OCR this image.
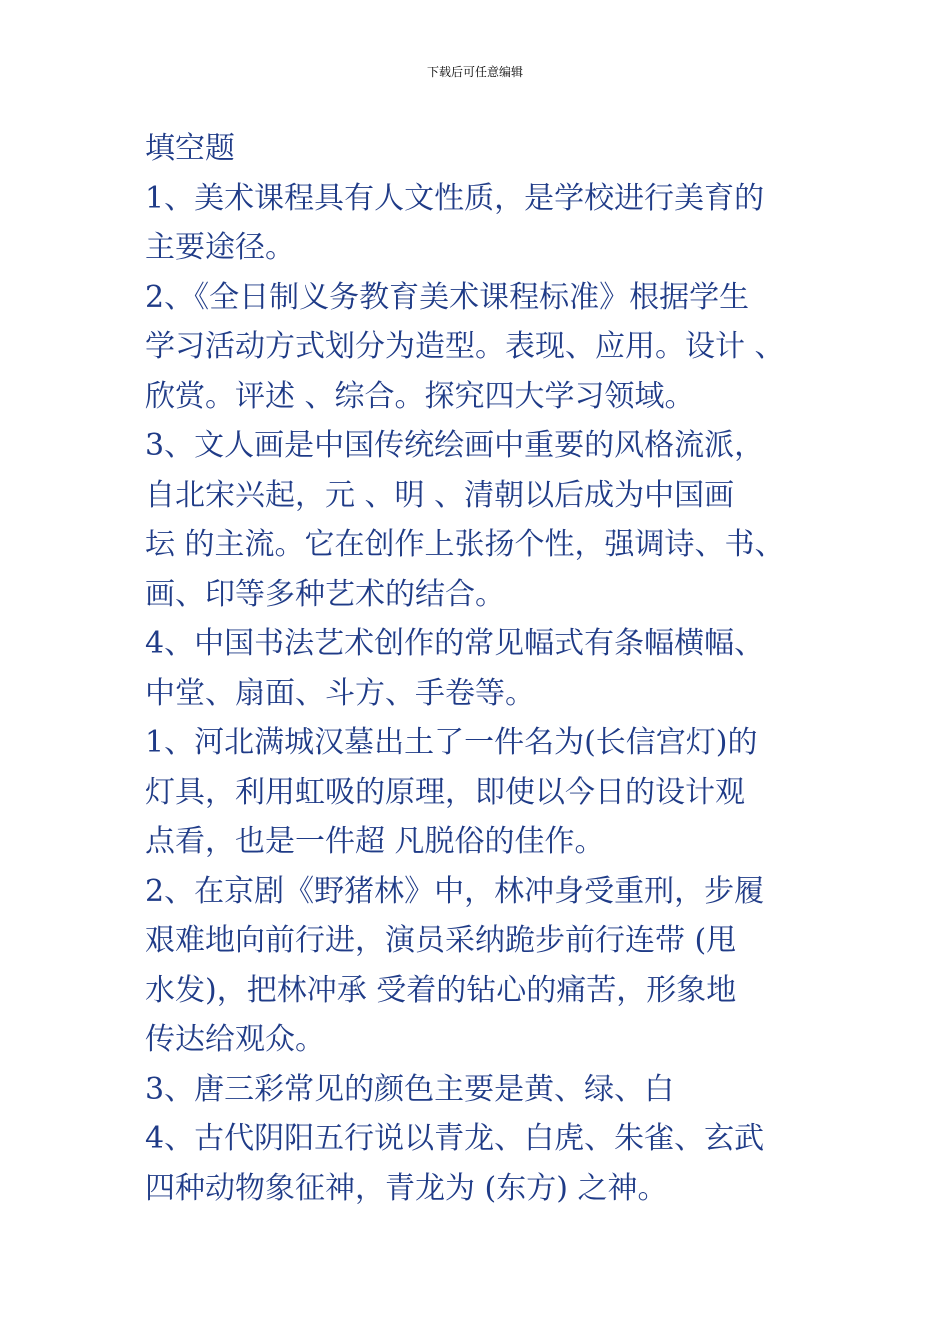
下载后可任意编辑
填空题
1、美术课程具有人文性质，是学校进行美育的
主要途径。
2、《全日制义务教育美术课程标准》根据学生
学习活动方式划分为造型。表现、应用。设计 、
欣赏。评述 、综合。探究四大学习领域。
3、文人画是中国传统绘画中重要的风格流派，
自北宋兴起，元 、明 、清朝以后成为中国画
坛 的主流。它在创作上张扬个性，强调诗、书、
画、印等多种艺术的结合。
4、中国书法艺术创作的常见幅式有条幅横幅、
中堂、扇面、斗方、手卷等。
1、河北满城汉墓出土了一件名为(长信宫灯)的
灯具，利用虹吸的原理，即使以今日的设计观
点看，也是一件超 凡脱俗的佳作。
2、在京剧《野猪林》中，林冲身受重刑，步履
艰难地向前行进，演员采纳跪步前行连带 (甩
水发)，把林冲承 受着的钻心的痛苦，形象地
传达给观众。
3、唐三彩常见的颜色主要是黄、绿、白
4、古代阴阳五行说以青龙、白虎、朱雀、玄武
四种动物象征神，青龙为 (东方) 之神。
